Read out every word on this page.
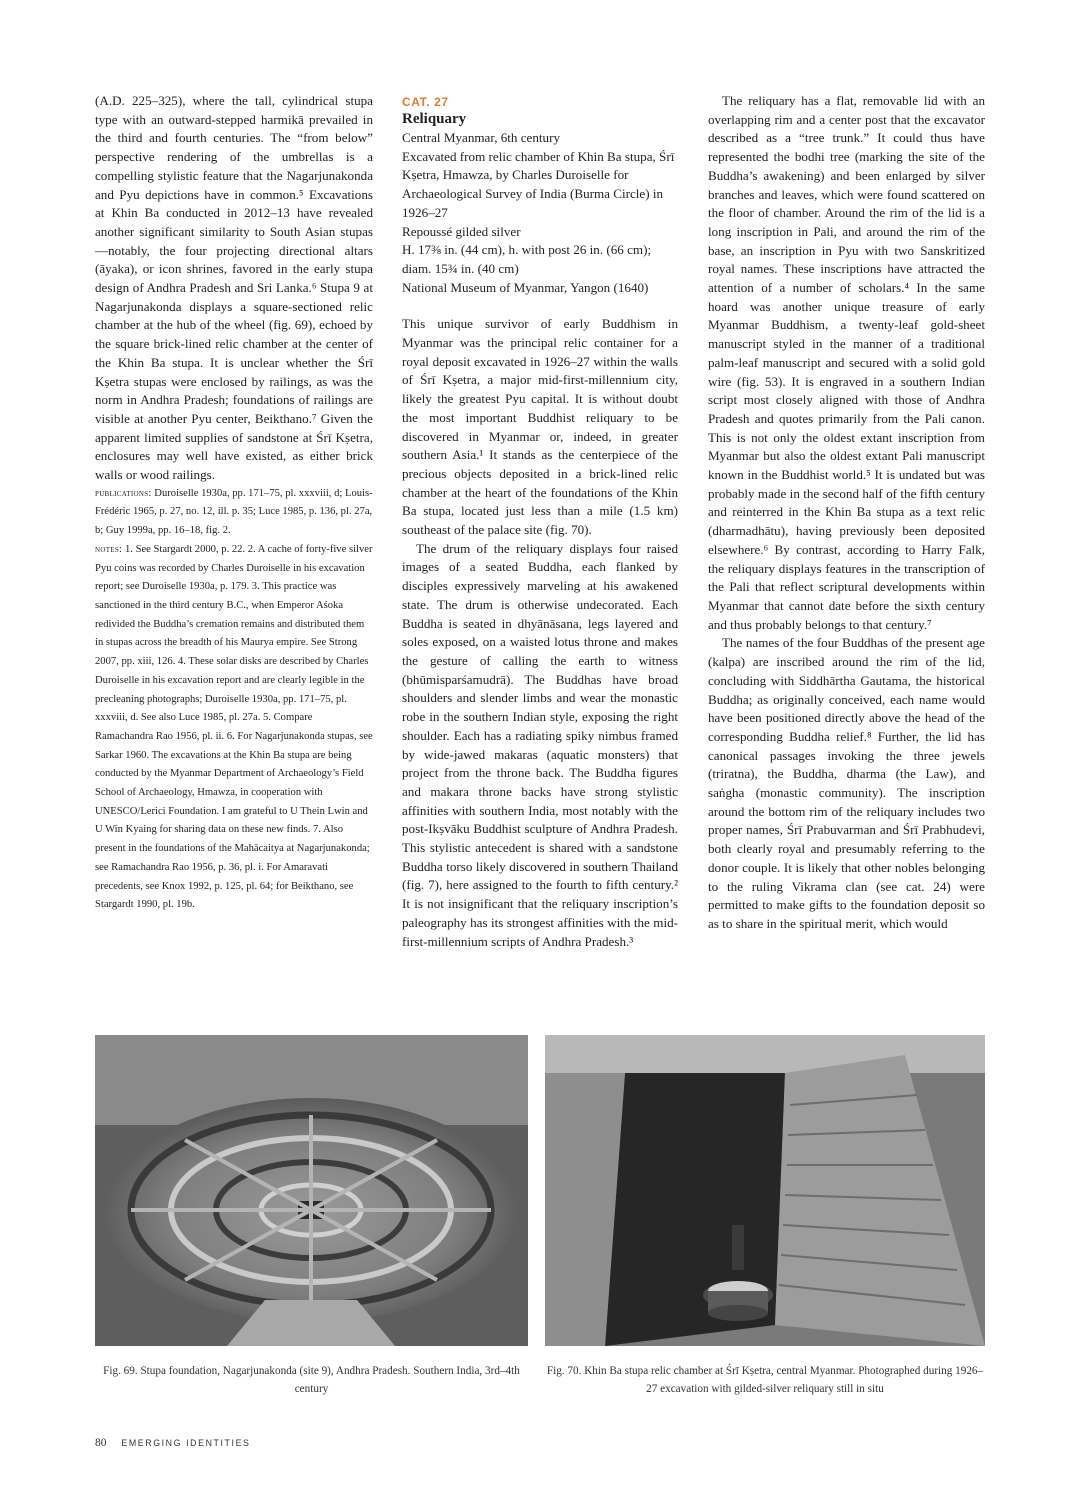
(A.D. 225–325), where the tall, cylindrical stupa type with an outward-stepped harmikā prevailed in the third and fourth centuries. The “from below” perspective rendering of the umbrellas is a compelling stylistic feature that the Nagarjunakonda and Pyu depictions have in common.⁵ Excavations at Khin Ba conducted in 2012–13 have revealed another significant similarity to South Asian stupas—notably, the four projecting directional altars (āyaka), or icon shrines, favored in the early stupa design of Andhra Pradesh and Sri Lanka.⁶ Stupa 9 at Nagarjunakonda displays a square-sectioned relic chamber at the hub of the wheel (fig. 69), echoed by the square brick-lined relic chamber at the center of the Khin Ba stupa. It is unclear whether the Śrī Kṣetra stupas were enclosed by railings, as was the norm in Andhra Pradesh; foundations of railings are visible at another Pyu center, Beikthano.⁷ Given the apparent limited supplies of sandstone at Śrī Kṣetra, enclosures may well have existed, as either brick walls or wood railings.

publications: Duroiselle 1930a, pp. 171–75, pl. xxxviii, d; Louis-Frédéric 1965, p. 27, no. 12, ill. p. 35; Luce 1985, p. 136, pl. 27a, b; Guy 1999a, pp. 16–18, fig. 2.

notes: 1. See Stargardt 2000, p. 22. 2. A cache of forty-five silver Pyu coins was recorded by Charles Duroiselle in his excavation report; see Duroiselle 1930a, p. 179. 3. This practice was sanctioned in the third century B.C., when Emperor Aśoka redivided the Buddha’s cremation remains and distributed them in stupas across the breadth of his Maurya empire. See Strong 2007, pp. xiii, 126. 4. These solar disks are described by Charles Duroiselle in his excavation report and are clearly legible in the precleaning photographs; Duroiselle 1930a, pp. 171–75, pl. xxxviii, d. See also Luce 1985, pl. 27a. 5. Compare Ramachandra Rao 1956, pl. ii. 6. For Nagarjunakonda stupas, see Sarkar 1960. The excavations at the Khin Ba stupa are being conducted by the Myanmar Department of Archaeology’s Field School of Archaeology, Hmawza, in cooperation with UNESCO/Lerici Foundation. I am grateful to U Thein Lwin and U Win Kyaing for sharing data on these new finds. 7. Also present in the foundations of the Mahācaitya at Nagarjunakonda; see Ramachandra Rao 1956, p. 36, pl. i. For Amaravati precedents, see Knox 1992, p. 125, pl. 64; for Beikthano, see Stargardt 1990, pl. 19b.

CAT. 27
Reliquary
Central Myanmar, 6th century
Excavated from relic chamber of Khin Ba stupa, Śrī Kṣetra, Hmawza, by Charles Duroiselle for Archaeological Survey of India (Burma Circle) in 1926–27
Repoussé gilded silver
H. 17⅜ in. (44 cm), h. with post 26 in. (66 cm); diam. 15¾ in. (40 cm)
National Museum of Myanmar, Yangon (1640)

This unique survivor of early Buddhism in Myanmar was the principal relic container for a royal deposit excavated in 1926–27 within the walls of Śrī Kṣetra, a major mid-first-millennium city, likely the greatest Pyu capital. It is without doubt the most important Buddhist reliquary to be discovered in Myanmar or, indeed, in greater southern Asia.¹ It stands as the centerpiece of the precious objects deposited in a brick-lined relic chamber at the heart of the foundations of the Khin Ba stupa, located just less than a mile (1.5 km) southeast of the palace site (fig. 70).

The drum of the reliquary displays four raised images of a seated Buddha, each flanked by disciples expressively marveling at his awakened state. The drum is otherwise undecorated. Each Buddha is seated in dhyānāsana, legs layered and soles exposed, on a waisted lotus throne and makes the gesture of calling the earth to witness (bhūmisparśamudrā). The Buddhas have broad shoulders and slender limbs and wear the monastic robe in the southern Indian style, exposing the right shoulder. Each has a radiating spiky nimbus framed by wide-jawed makaras (aquatic monsters) that project from the throne back. The Buddha figures and makara throne backs have strong stylistic affinities with southern India, most notably with the post-Ikṣvāku Buddhist sculpture of Andhra Pradesh. This stylistic antecedent is shared with a sandstone Buddha torso likely discovered in southern Thailand (fig. 7), here assigned to the fourth to fifth century.² It is not insignificant that the reliquary inscription’s paleography has its strongest affinities with the mid-first-millennium scripts of Andhra Pradesh.³

The reliquary has a flat, removable lid with an overlapping rim and a center post that the excavator described as a “tree trunk.” It could thus have represented the bodhi tree (marking the site of the Buddha’s awakening) and been enlarged by silver branches and leaves, which were found scattered on the floor of chamber. Around the rim of the lid is a long inscription in Pali, and around the rim of the base, an inscription in Pyu with two Sanskritized royal names. These inscriptions have attracted the attention of a number of scholars.⁴ In the same hoard was another unique treasure of early Myanmar Buddhism, a twenty-leaf gold-sheet manuscript styled in the manner of a traditional palm-leaf manuscript and secured with a solid gold wire (fig. 53). It is engraved in a southern Indian script most closely aligned with those of Andhra Pradesh and quotes primarily from the Pali canon. This is not only the oldest extant inscription from Myanmar but also the oldest extant Pali manuscript known in the Buddhist world.⁵ It is undated but was probably made in the second half of the fifth century and reinterred in the Khin Ba stupa as a text relic (dharmadhātu), having previously been deposited elsewhere.⁶ By contrast, according to Harry Falk, the reliquary displays features in the transcription of the Pali that reflect scriptural developments within Myanmar that cannot date before the sixth century and thus probably belongs to that century.⁷

The names of the four Buddhas of the present age (kalpa) are inscribed around the rim of the lid, concluding with Siddhārtha Gautama, the historical Buddha; as originally conceived, each name would have been positioned directly above the head of the corresponding Buddha relief.⁸ Further, the lid has canonical passages invoking the three jewels (triratna), the Buddha, dharma (the Law), and saṅgha (monastic community). The inscription around the bottom rim of the reliquary includes two proper names, Śrī Prabuvarman and Śrī Prabhudevi, both clearly royal and presumably referring to the donor couple. It is likely that other nobles belonging to the ruling Vikrama clan (see cat. 24) were permitted to make gifts to the foundation deposit so as to share in the spiritual merit, which would

Fig. 69. Stupa foundation, Nagarjunakonda (site 9), Andhra Pradesh. Southern India, 3rd–4th century
Fig. 70. Khin Ba stupa relic chamber at Śrī Kṣetra, central Myanmar. Photographed during 1926–27 excavation with gilded-silver reliquary still in situ
80 EMERGING IDENTITIES
